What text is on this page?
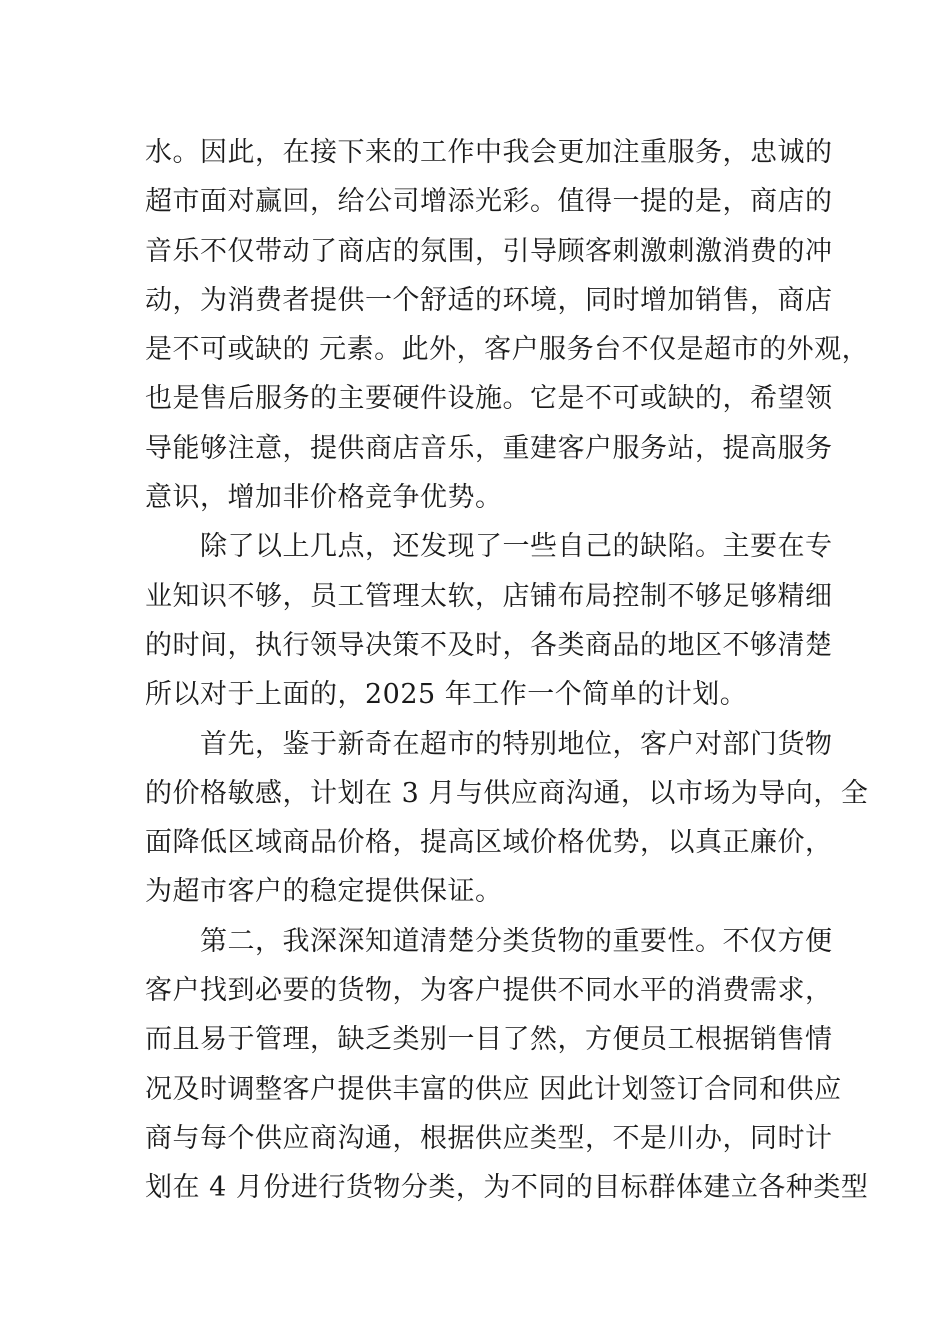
水。因此，在接下来的工作中我会更加注重服务，忠诚的
超市面对赢回，给公司增添光彩。值得一提的是，商店的
音乐不仅带动了商店的氛围，引导顾客刺激刺激消费的冲
动，为消费者提供一个舒适的环境，同时增加销售，商店
是不可或缺的 元素。此外，客户服务台不仅是超市的外观，
也是售后服务的主要硬件设施。它是不可或缺的，希望领
导能够注意，提供商店音乐，重建客户服务站，提高服务
意识，增加非价格竞争优势。
　　除了以上几点，还发现了一些自己的缺陷。主要在专
业知识不够，员工管理太软，店铺布局控制不够足够精细
的时间，执行领导决策不及时，各类商品的地区不够清楚
所以对于上面的，2025 年工作一个简单的计划。
　　首先，鉴于新奇在超市的特别地位，客户对部门货物
的价格敏感，计划在 3 月与供应商沟通，以市场为导向，全
面降低区域商品价格，提高区域价格优势，以真正廉价，
为超市客户的稳定提供保证。
　　第二，我深深知道清楚分类货物的重要性。不仅方便
客户找到必要的货物，为客户提供不同水平的消费需求，
而且易于管理，缺乏类别一目了然，方便员工根据销售情
况及时调整客户提供丰富的供应 因此计划签订合同和供应
商与每个供应商沟通，根据供应类型，不是川办，同时计
划在 4 月份进行货物分类，为不同的目标群体建立各种类型
